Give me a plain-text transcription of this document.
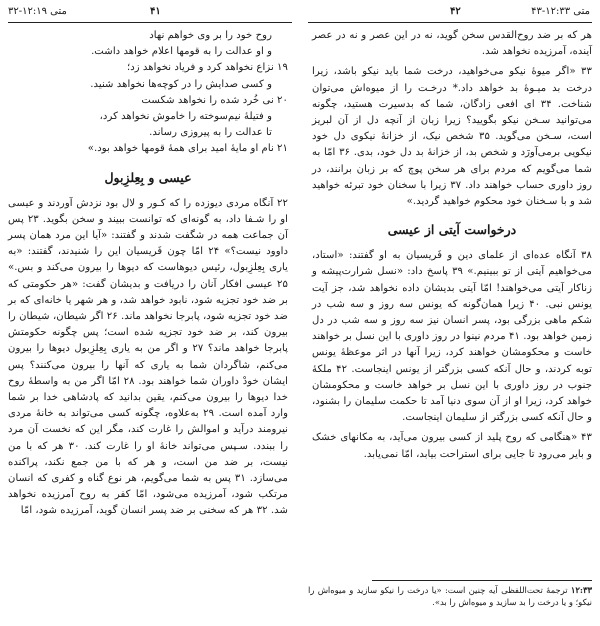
متی ۱۲:۱۹-۳۲	۴۱

روح خود را بر وی خواهم نهاد

و او عدالت را به قومها اعلام خواهد داشت.

۱۹ نزاع نخواهد کرد و فریاد نخواهد زد؛

و کسی صدایش را در کوچه‌ها نخواهد شنید.

۲۰ نی خُرد شده را نخواهد شکست

و فتیلهٔ نیم‌سوخته را خاموش نخواهد کرد،

تا عدالت را به پیروزی رساند.

۲۱ نام او مایهٔ امید برای همهٔ قومها خواهد بود.»

عیسی و بِعِلزِبول

۲۲ آنگاه مردی دیوزده را که کـور و لال بود نزدش آوردند و عیسی او را شـفا داد، به گونه‌ای که توانست ببیند و سخن بگوید. ۲۳ پس آن جماعت همه در شگفت شدند و گفتند: «آیا این مرد همان پسر داوود نیست؟» ۲۴ امّا چون فَریسیان این را شنیدند، گفتند: «به یاری بِعِلزِبول، رئیس دیوهاست که دیوها را بیرون می‌کند و بس.» ۲۵ عیسی افکار آنان را دریافت و بدیشان گفت: «هر حکومتی که بر ضد خود تجزیه شود، نابود خواهد شد، و هر شهر یا خانه‌ای که بر ضد خود تجزیه شود، پابرجا نخواهد ماند. ۲۶ اگر شیطان، شیطان را بیرون کند، بر ضد خود تجزیه شده است؛ پس چگونه حکومتش پابرجا خواهد ماند؟ ۲۷ و اگر من به یاری بِعِلزِبول دیوها را بیرون می‌کنم، شاگردان شما به یاری که آنها را بیرون می‌کنند؟ پس ایشان خودْ داوران شما خواهند بود. ۲۸ امّا اگر من به واسطهٔ روح خدا دیوها را بیرون می‌کنم، یقین بدانید که پادشاهی خدا بر شما وارد آمده است. ۲۹ به‌علاوه، چگونه کسی می‌تواند به خانهٔ مردی نیرومند درآید و اموالش را غارت کند، مگر این که نخست آن مرد را ببندد. سـپس می‌تواند خانهٔ او را غارت کند. ۳۰ هر که با من نیست، بر ضد من است، و هر که با من جمع نکند، پراکنده می‌سازد. ۳۱ پس به شما می‌گویم، هر نوع گناه و کفری که انسان مرتکب شود، آمرزیده می‌شود، امّا کفر به روح آمرزیده نخواهد شد. ۳۲ هر که سخنی بر ضد پسر انسان گوید، آمرزیده شود، امّا

۴۲	متی ۱۲:۳۳-۴۳

هر که بر ضد روح‌القدس سخن گوید، نه در این عصر و نه در عصر آینده، آمرزیده نخواهد شد.

۳۳ «اگر میوهٔ نیکو می‌خواهید، درخت شما باید نیکو باشد، زیرا درخت بد میـوهٔ بد خواهد داد.* درخـت را از میوه‌اش می‌توان شناخت. ۳۴ ای افعی زادگان، شما که بدسیرت هستید، چگونه می‌توانید سـخن نیکو بگویید؟ زیرا زبان از آنچه دل از آن لبریز است، سـخن می‌گوید. ۳۵ شخص نیک، از خزانهٔ نیکوی دل خود نیکویی برمی‌آورَد و شخص بد، از خزانهٔ بد دل خود، بدی. ۳۶ امّا به شما می‌گویم که مردم برای هر سخن پوچ که بر زبان برانند، در روز داوری حساب خواهند داد. ۳۷ زیرا با سخنان خود تبرئه خواهید شد و با سـخنان خود محکوم خواهید گردید.»

درخواست آیتی از عیسی

۳۸ آنگاه عده‌ای از علمای دین و فَریسیان به او گفتند: «استاد، می‌خواهیم آیتی از تو ببینیم.» ۳۹ پاسخ داد: «نسل شرارت‌پیشه و زناکار آیتی می‌خواهند! امّا آیتی بدیشان داده نخواهد شد، جز آیت یونس نبی. ۴۰ زیرا همان‌گونه که یونس سه روز و سه شب در شکم ماهی بزرگی بود، پسر انسان نیز سه روز و سه شب در دل زمین خواهد بود. ۴۱ مردم نینوا در روز داوری با این نسل بر خواهند خاست و محکومشان خواهند کرد، زیرا آنها در اثر موعظهٔ یونس توبه کردند، و حال آنکه کسی بزرگتر از یونس اینجاست. ۴۲ ملکهٔ جنوب در روز داوری با این نسل بر خواهد خاست و محکومشان خواهد کرد، زیرا او از آن سوی دنیا آمد تا حکمت سلیمان را بشنود، و حال آنکه کسی بزرگتر از سلیمان اینجاست.

۴۳ «هنگامی که روح پلید از کسی بیرون می‌آید، به مکانهای خشک و بایر می‌رود تا جایی برای استراحت بیابد، امّا نمی‌یابد.

۱۲:۳۳ ترجمهٔ تحت‌اللفظی آیه چنین است: «یا درخت را نیکو سازید و میوه‌اش را نیکو؛ و یا درخت را بد سازید و میوه‌اش را بد».
